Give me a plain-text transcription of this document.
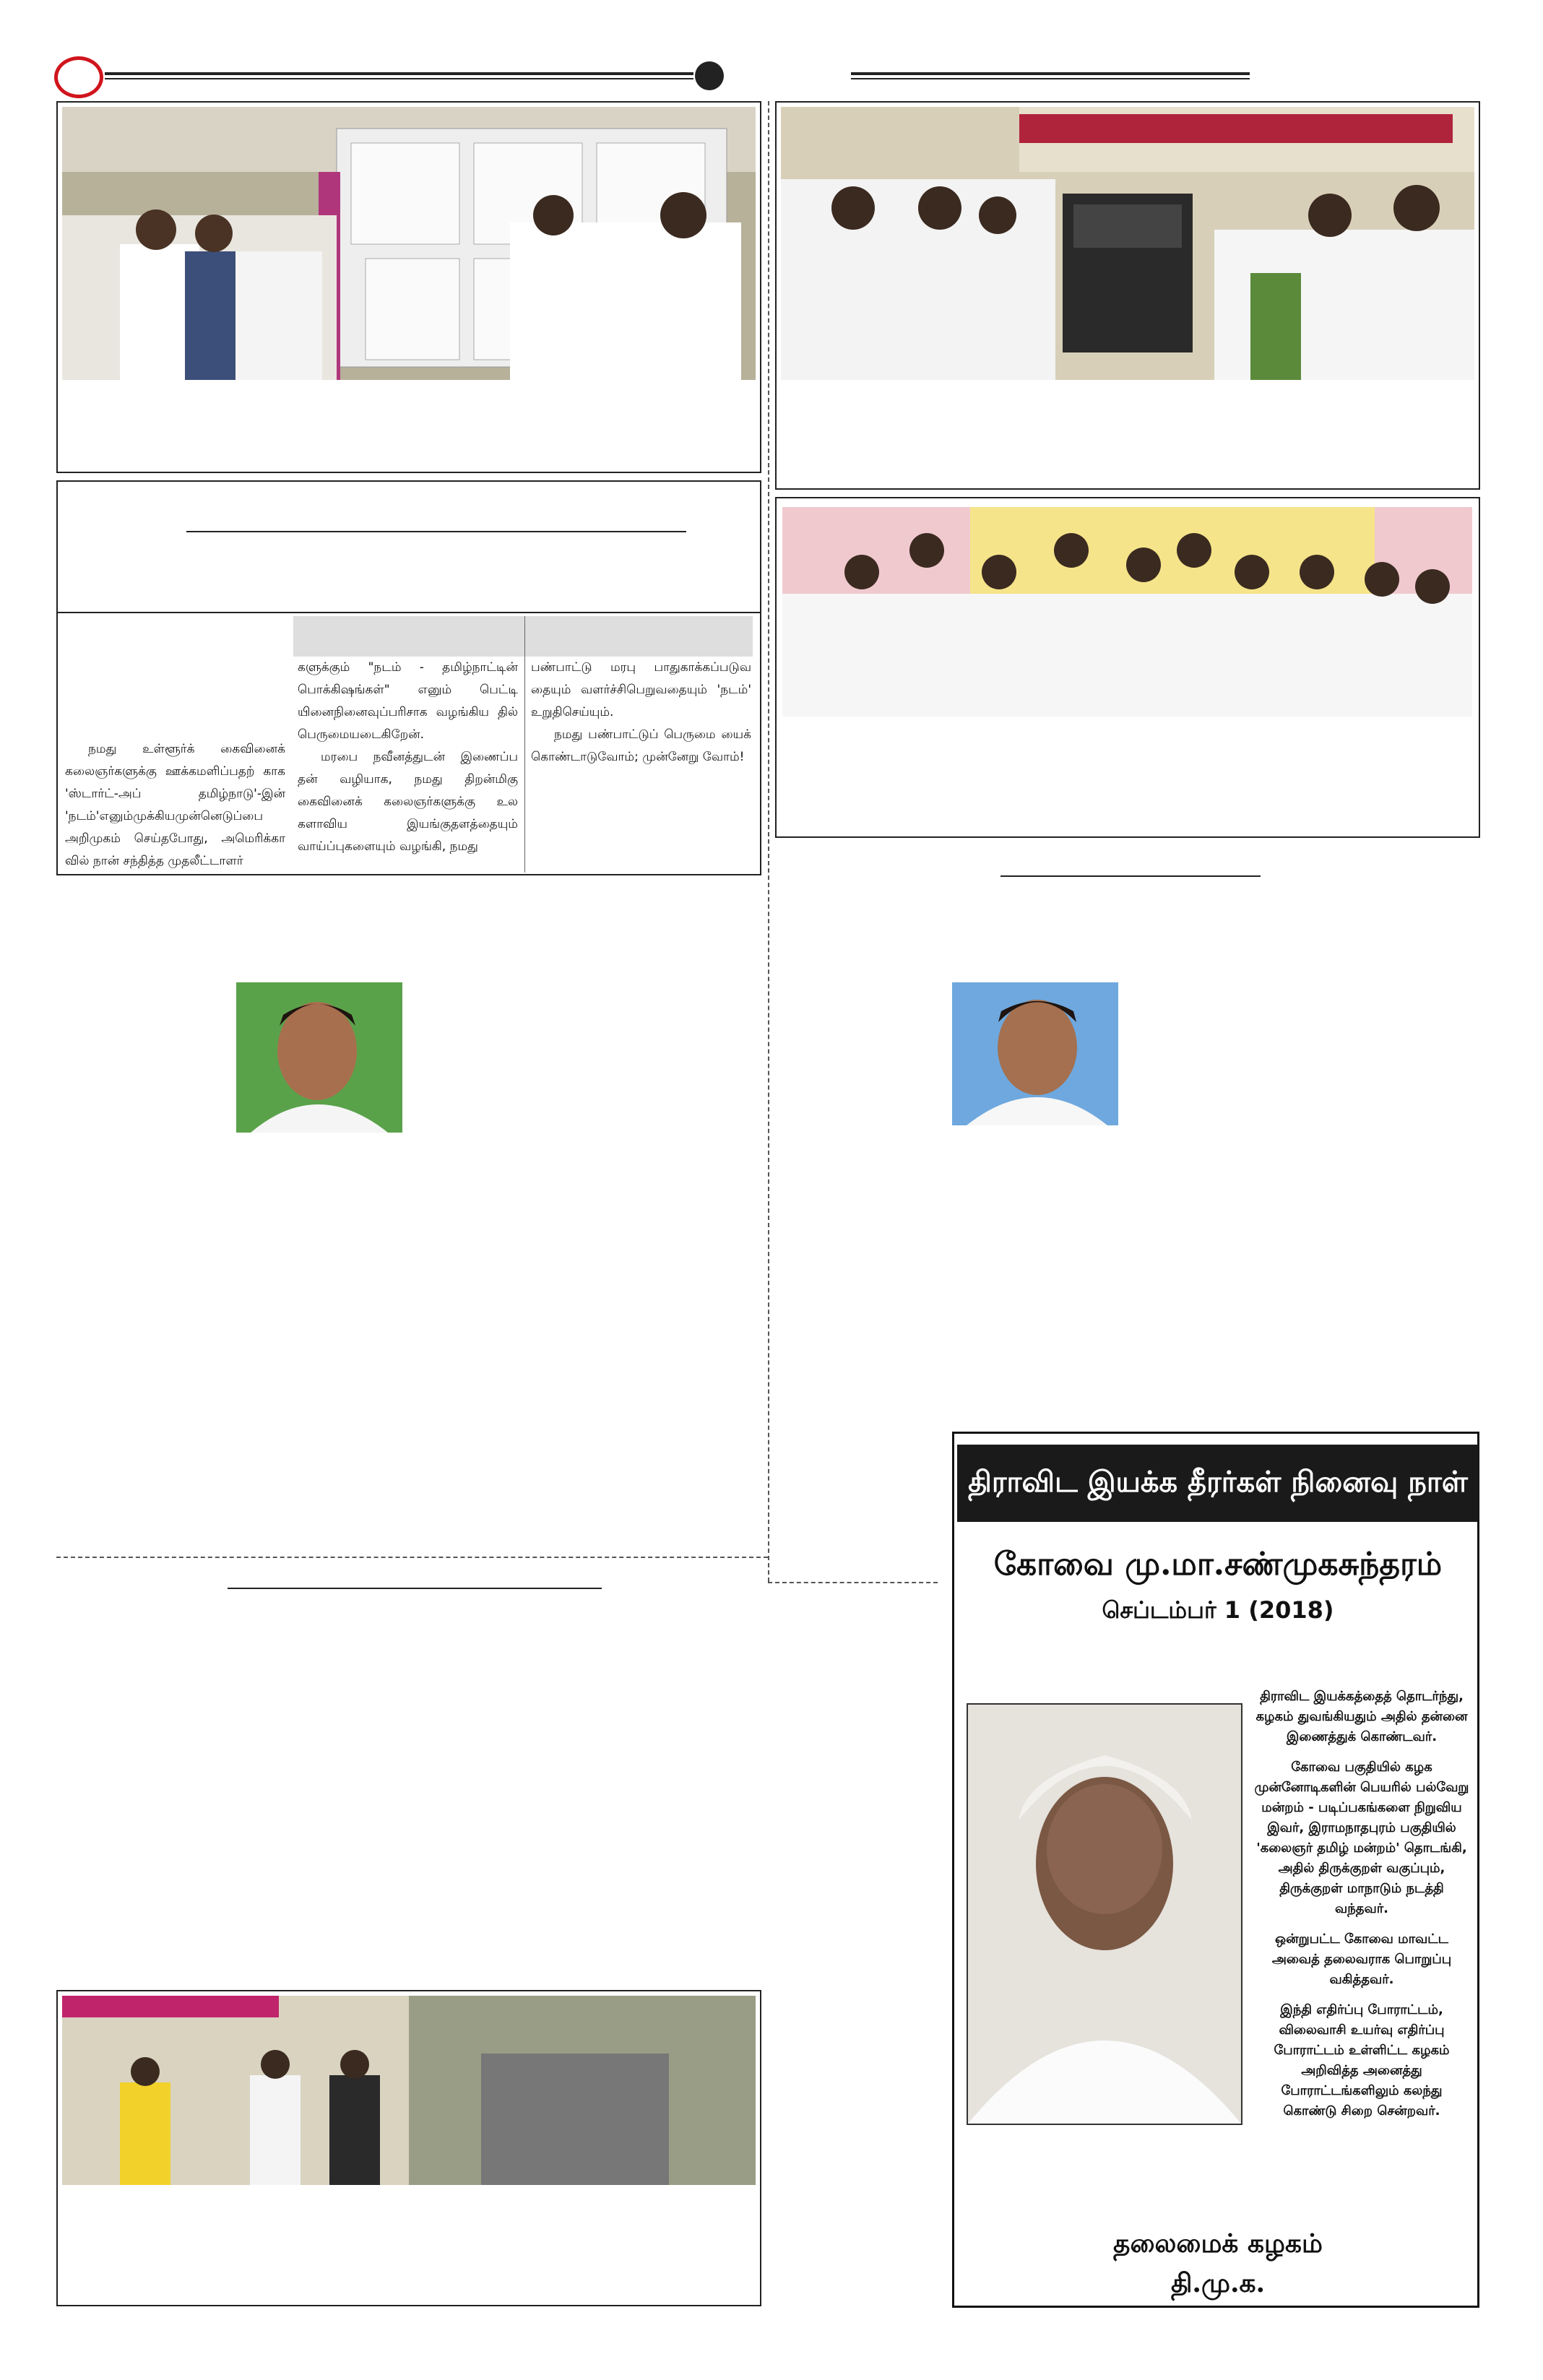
நமது உள்ளூர்க் கைவினைக் கலைஞர்களுக்கு ஊக்கமளிப்பதற் காக 'ஸ்டார்ட்-அப் தமிழ்நாடு'-இன் 'நடம்'எனும்முக்கியமுன்னெடுப்பை அறிமுகம் செய்தபோது, அமெரிக்கா வில் நான் சந்தித்த முதலீட்டாளர்

களுக்கும் "நடம் - தமிழ்நாட்டின் பொக்கிஷங்கள்" எனும் பெட்டி யினைநினைவுப்பரிசாக வழங்கிய தில் பெருமையடைகிறேன்.

மரபை நவீனத்துடன் இணைப்ப தன் வழியாக, நமது திறன்மிகு கைவினைக் கலைஞர்களுக்கு உல களாவிய இயங்குதளத்தையும் வாய்ப்புகளையும் வழங்கி, நமது

பண்பாட்டு மரபு பாதுகாக்கப்படுவ தையும் வளர்ச்சிபெறுவதையும் 'நடம்' உறுதிசெய்யும்.

நமது பண்பாட்டுப் பெருமை யைக் கொண்டாடுவோம்; முன்னேறு வோம்!

திராவிட இயக்க தீரர்கள் நினைவு நாள்
கோவை மு.மா.சண்முகசுந்தரம்
செப்டம்பர் 1 (2018)

திராவிட இயக்கத்தைத் தொடர்ந்து, கழகம் துவங்கியதும் அதில் தன்னை இணைத்துக் கொண்டவர்.

கோவை பகுதியில் கழக முன்னோடிகளின் பெயரில் பல்வேறு மன்றம் - படிப்பகங்களை நிறுவிய இவர், இராமநாதபுரம் பகுதியில் 'கலைஞர் தமிழ் மன்றம்' தொடங்கி, அதில் திருக்குறள் வகுப்பும், திருக்குறள் மாநாடும் நடத்தி வந்தவர்.

ஒன்றுபட்ட கோவை மாவட்ட அவைத் தலைவராக பொறுப்பு வகித்தவர்.

இந்தி எதிர்ப்பு போராட்டம், விலைவாசி உயர்வு எதிர்ப்பு போராட்டம் உள்ளிட்ட கழகம் அறிவித்த அனைத்து போராட்டங்களிலும் கலந்து கொண்டு சிறை சென்றவர்.

தலைமைக் கழகம்
தி.மு.க.
